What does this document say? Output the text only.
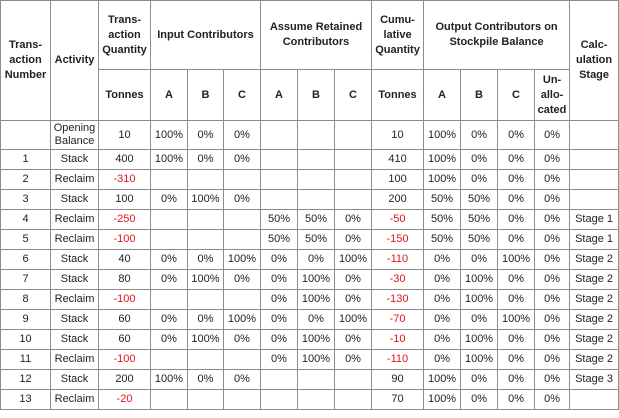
Trans-
action
Number	Activity	Trans-
action
Quantity	Input Contributors			Assume Retained
Contributors			Cumu-
lative
Quantity	Output Contributors on
Stockpile Balance				Calc-
ulation
Stage
		Tonnes	A	B	C	A	B	C	Tonnes	A	B	C	Un-
allo-
cated	
	Opening Balance	10	100%	0%	0%				10	100%	0%	0%	0%	
1	Stack	400	100%	0%	0%				410	100%	0%	0%	0%	
2	Reclaim	-310							100	100%	0%	0%	0%	
3	Stack	100	0%	100%	0%				200	50%	50%	0%	0%	
4	Reclaim	-250				50%	50%	0%	-50	50%	50%	0%	0%	Stage 1
5	Reclaim	-100				50%	50%	0%	-150	50%	50%	0%	0%	Stage 1
6	Stack	40	0%	0%	100%	0%	0%	100%	-110	0%	0%	100%	0%	Stage 2
7	Stack	80	0%	100%	0%	0%	100%	0%	-30	0%	100%	0%	0%	Stage 2
8	Reclaim	-100				0%	100%	0%	-130	0%	100%	0%	0%	Stage 2
9	Stack	60	0%	0%	100%	0%	0%	100%	-70	0%	0%	100%	0%	Stage 2
10	Stack	60	0%	100%	0%	0%	100%	0%	-10	0%	100%	0%	0%	Stage 2
11	Reclaim	-100				0%	100%	0%	-110	0%	100%	0%	0%	Stage 2
12	Stack	200	100%	0%	0%				90	100%	0%	0%	0%	Stage 3
13	Reclaim	-20							70	100%	0%	0%	0%	
